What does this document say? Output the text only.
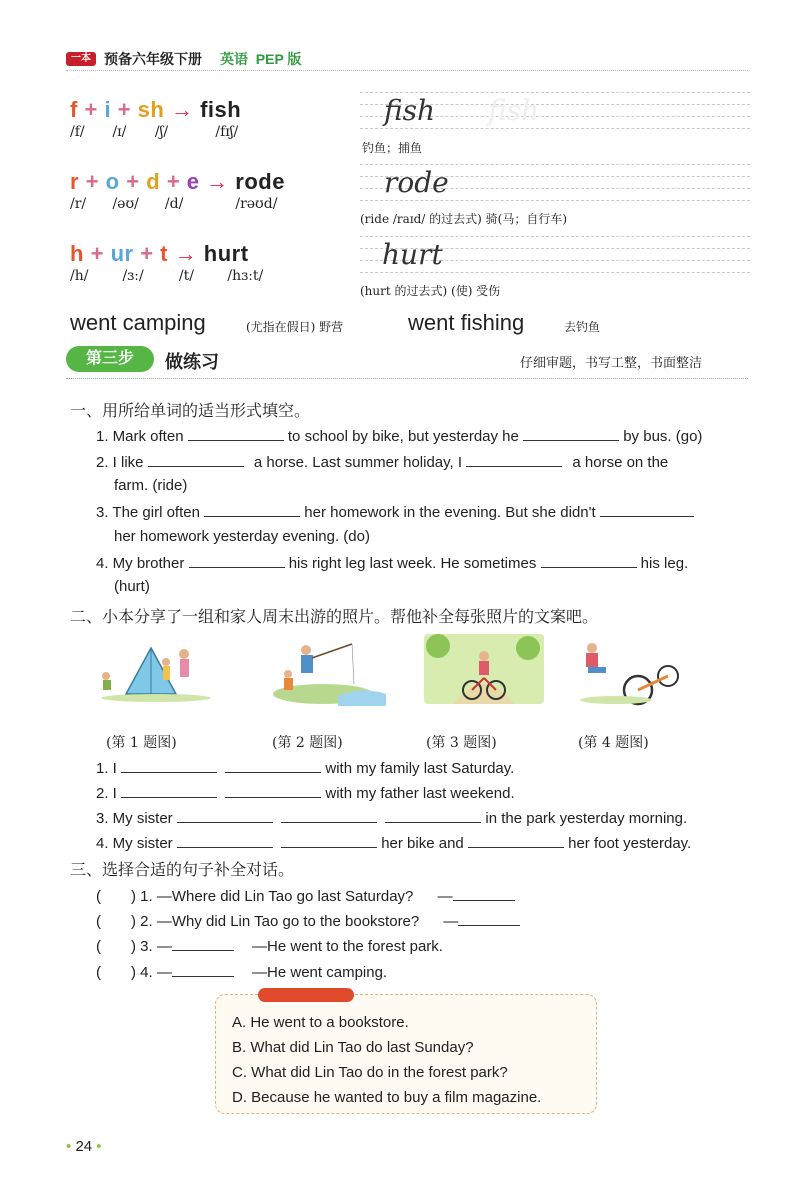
一本 预备六年级下册 英语 PEP 版
f + i + sh → fish
/f/ /ɪ/ /ʃ/	/fɪʃ/
r + o + d + e → rode
/r/ /əʊ/ /d/	/rəʊd/
h + ur + t → hurt
/h/ /ɜː/	/t/ /hɜːt/
fish fish
钓鱼；捕鱼
rode
(ride /raɪd/ 的过去式) 骑(马；自行车)
hurt
(hurt 的过去式) (使) 受伤
went camping	(尤指在假日) 野营	went fishing	去钓鱼
第三步	做练习	仔细审题，书写工整，书面整洁
一、用所给单词的适当形式填空。
1. Mark often	to school by bike, but yesterday he	by bus. (go)
2. I like	a horse. Last summer holiday, I	a horse on the
farm. (ride)
3. The girl often	her homework in the evening. But she didn't
her homework yesterday evening. (do)
4. My brother	his right leg last week. He sometimes	his leg.
(hurt)
二、小本分享了一组和家人周末出游的照片。帮他补全每张照片的文案吧。
(第 1 题图)	(第 2 题图)	(第 3 题图)	(第 4 题图)
1. I	with my family last Saturday.
2. I	with my father last weekend.
3. My sister	in the park yesterday morning.
4. My sister	her bike and	her foot yesterday.
三、选择合适的句子补全对话。
(　　) 1. —Where did Lin Tao go last Saturday? —
(　　) 2. —Why did Lin Tao go to the bookstore? —
(　　) 3. —	—He went to the forest park.
(　　) 4. —	—He went camping.
A. He went to a bookstore.
B. What did Lin Tao do last Sunday?
C. What did Lin Tao do in the forest park?
D. Because he wanted to buy a film magazine.
• 24 •
